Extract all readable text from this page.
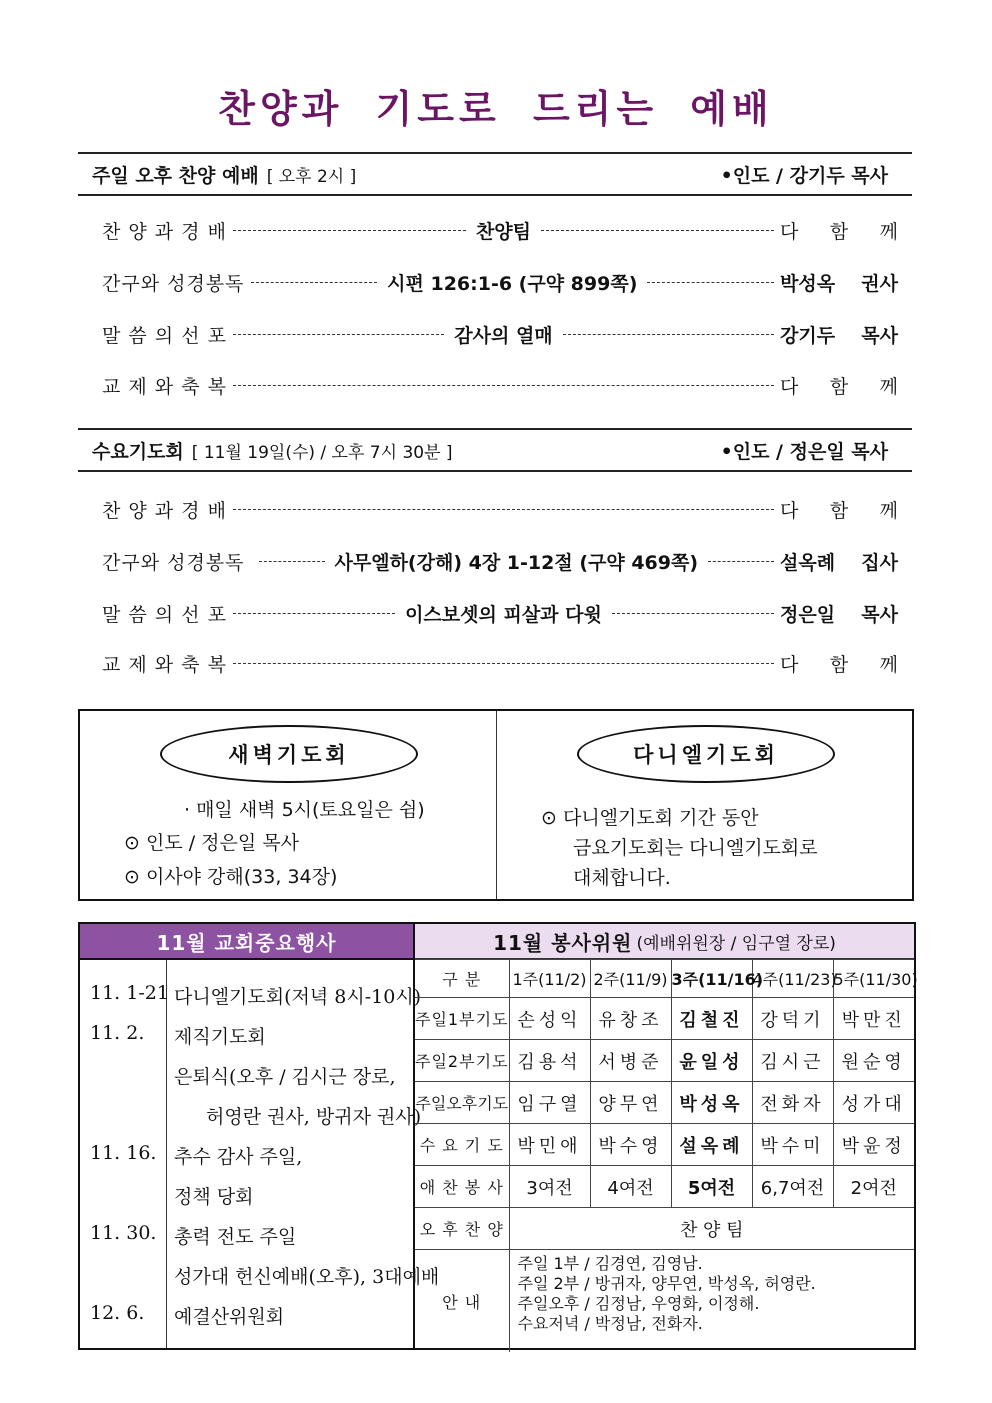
찬양과 기도로 드리는 예배
주일 오후 찬양 예배 [ 오후 2시 ]	•인도 / 강기두 목사
찬 양 과 경 배	찬양팀	다 함 께
간구와 성경봉독	시편 126:1-6 (구약 899쪽)	박성옥 권사
말 씀 의 선 포	감사의 열매	강기두 목사
교 제 와 축 복	다 함 께
수요기도회 [ 11월 19일(수) / 오후 7시 30분 ]	•인도 / 정은일 목사
찬 양 과 경 배	다 함 께
간구와 성경봉독	사무엘하(강해) 4장 1-12절 (구약 469쪽)	설옥례 집사
말 씀 의 선 포	이스보셋의 피살과 다윗	정은일 목사
교 제 와 축 복	다 함 께
새벽기도회
· 매일 새벽 5시(토요일은 쉼)
⊙ 인도 / 정은일 목사
⊙ 이사야 강해(33, 34장)
다니엘기도회
⊙ 다니엘기도회 기간 동안
금요기도회는 다니엘기도회로
대체합니다.
11월 교회중요행사
11. 1-21 다니엘기도회(저녁 8시-10시)
11. 2. 제직기도회
은퇴식(오후 / 김시근 장로,
허영란 권사, 방귀자 권사)
11. 16. 추수 감사 주일,
정책 당회
11. 30. 총력 전도 주일
성가대 헌신예배(오후), 3대예배
12. 6. 예결산위원회
11월 봉사위원 (예배위원장 / 임구열 장로)
구 분	1주(11/2)	2주(11/9)	3주(11/16)	4주(11/23)	5주(11/30)
주일1부기도	손성익	유창조	김철진	강덕기	박만진
주일2부기도	김용석	서병준	윤일성	김시근	원순영
주일오후기도	임구열	양무연	박성옥	전화자	성가대
수 요 기 도	박민애	박수영	설옥례	박수미	박윤정
애 찬 봉 사	3여전	4여전	5여전	6,7여전	2여전
오 후 찬 양	찬 양 팀				
안 내	주일 1부 / 김경연, 김영남.
주일 2부 / 방귀자, 양무연, 박성옥, 허영란.
주일오후 / 김정남, 우영화, 이정해.
수요저녁 / 박정남, 전화자.				
